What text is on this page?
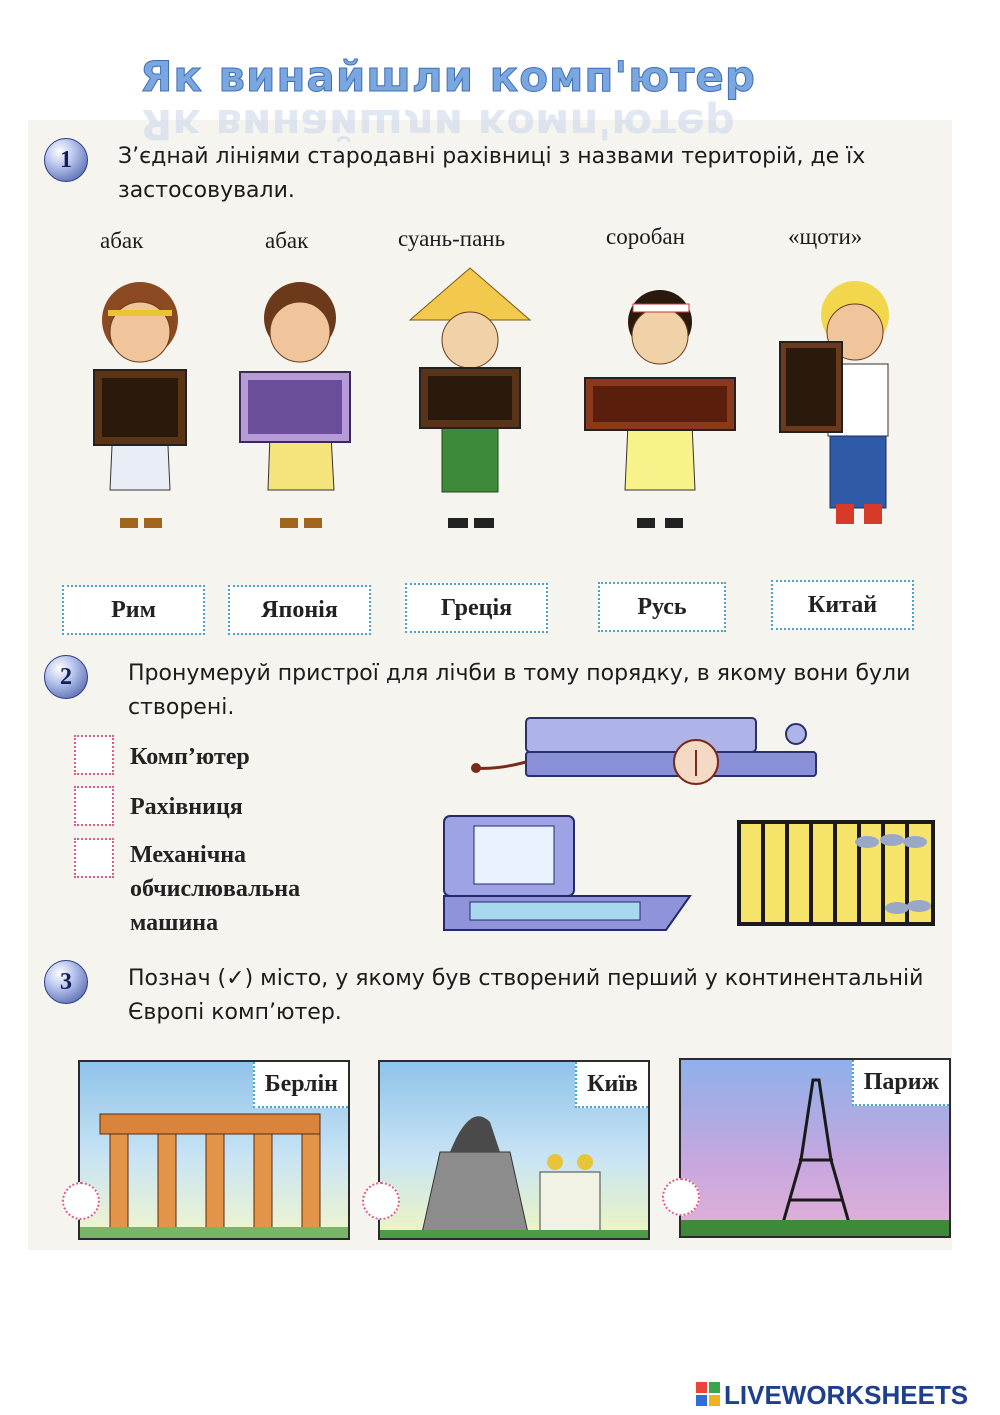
Як винайшли комп'ютер
Як винайшли комп'ютер
1	З’єднай лініями стародавні рахівниці з назвами територій, де їх застосовували.
абак	абак	суань-пань	соробан	«щоти»
Рим	Японія	Греція	Русь	Китай
2	Пронумеруй пристрої для лічби в тому порядку, в якому вони були створені.
Комп’ютер
Рахівниця
Механічна обчислювальна машина
3	Познач (✓) місто, у якому був створений перший у континентальній Європі комп’ютер.
Берлін	Київ	Париж
LIVEWORKSHEETS
